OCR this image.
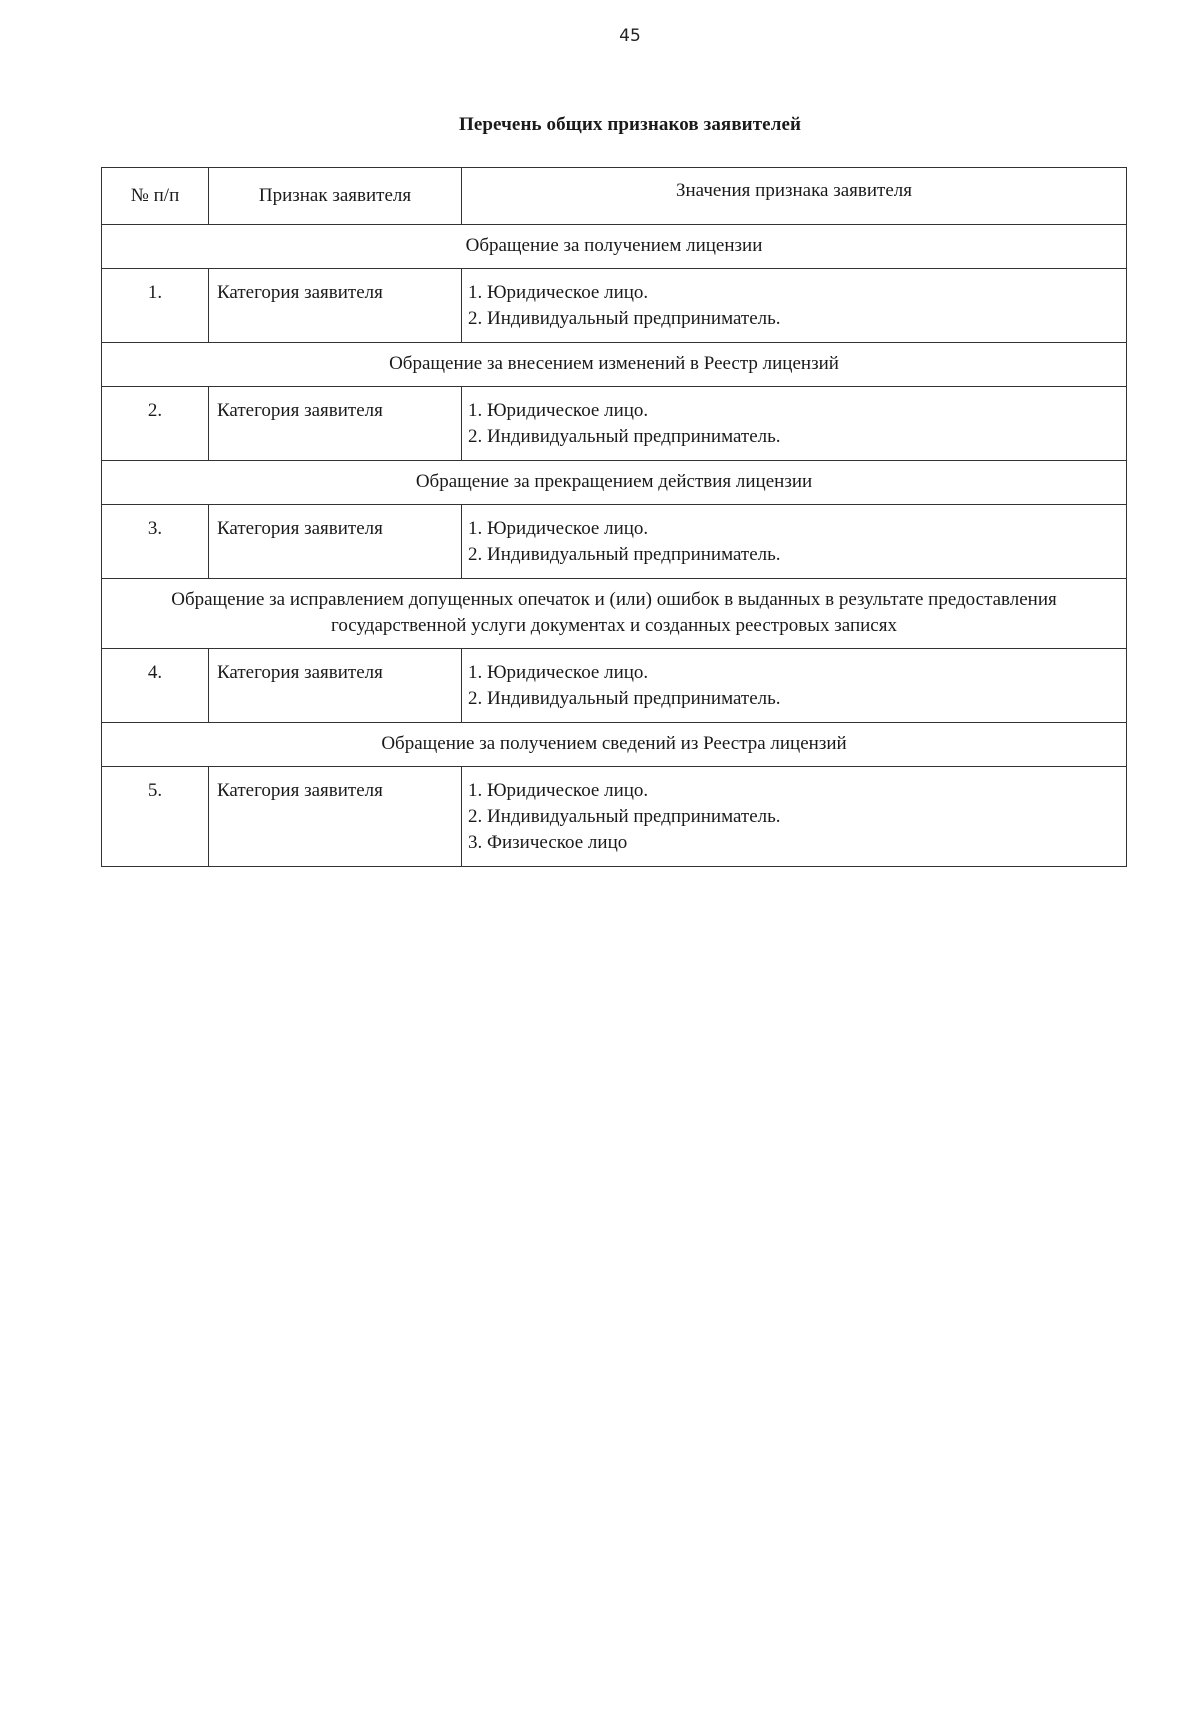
45
Перечень общих признаков заявителей
№ п/п	Признак заявителя	Значения признака заявителя
Обращение за получением лицензии		
1.	Категория заявителя	1. Юридическое лицо.
2. Индивидуальный предприниматель.

Обращение за внесением изменений в Реестр лицензий		
2.	Категория заявителя	1. Юридическое лицо.
2. Индивидуальный предприниматель.

Обращение за прекращением действия лицензии		
3.	Категория заявителя	1. Юридическое лицо.
2. Индивидуальный предприниматель.

Обращение за исправлением допущенных опечаток и (или) ошибок в выданных в результате предоставления государственной услуги документах и созданных реестровых записях		
4.	Категория заявителя	1. Юридическое лицо.
2. Индивидуальный предприниматель.

Обращение за получением сведений из Реестра лицензий		
5.	Категория заявителя	1. Юридическое лицо.
2. Индивидуальный предприниматель.
3. Физическое лицо
